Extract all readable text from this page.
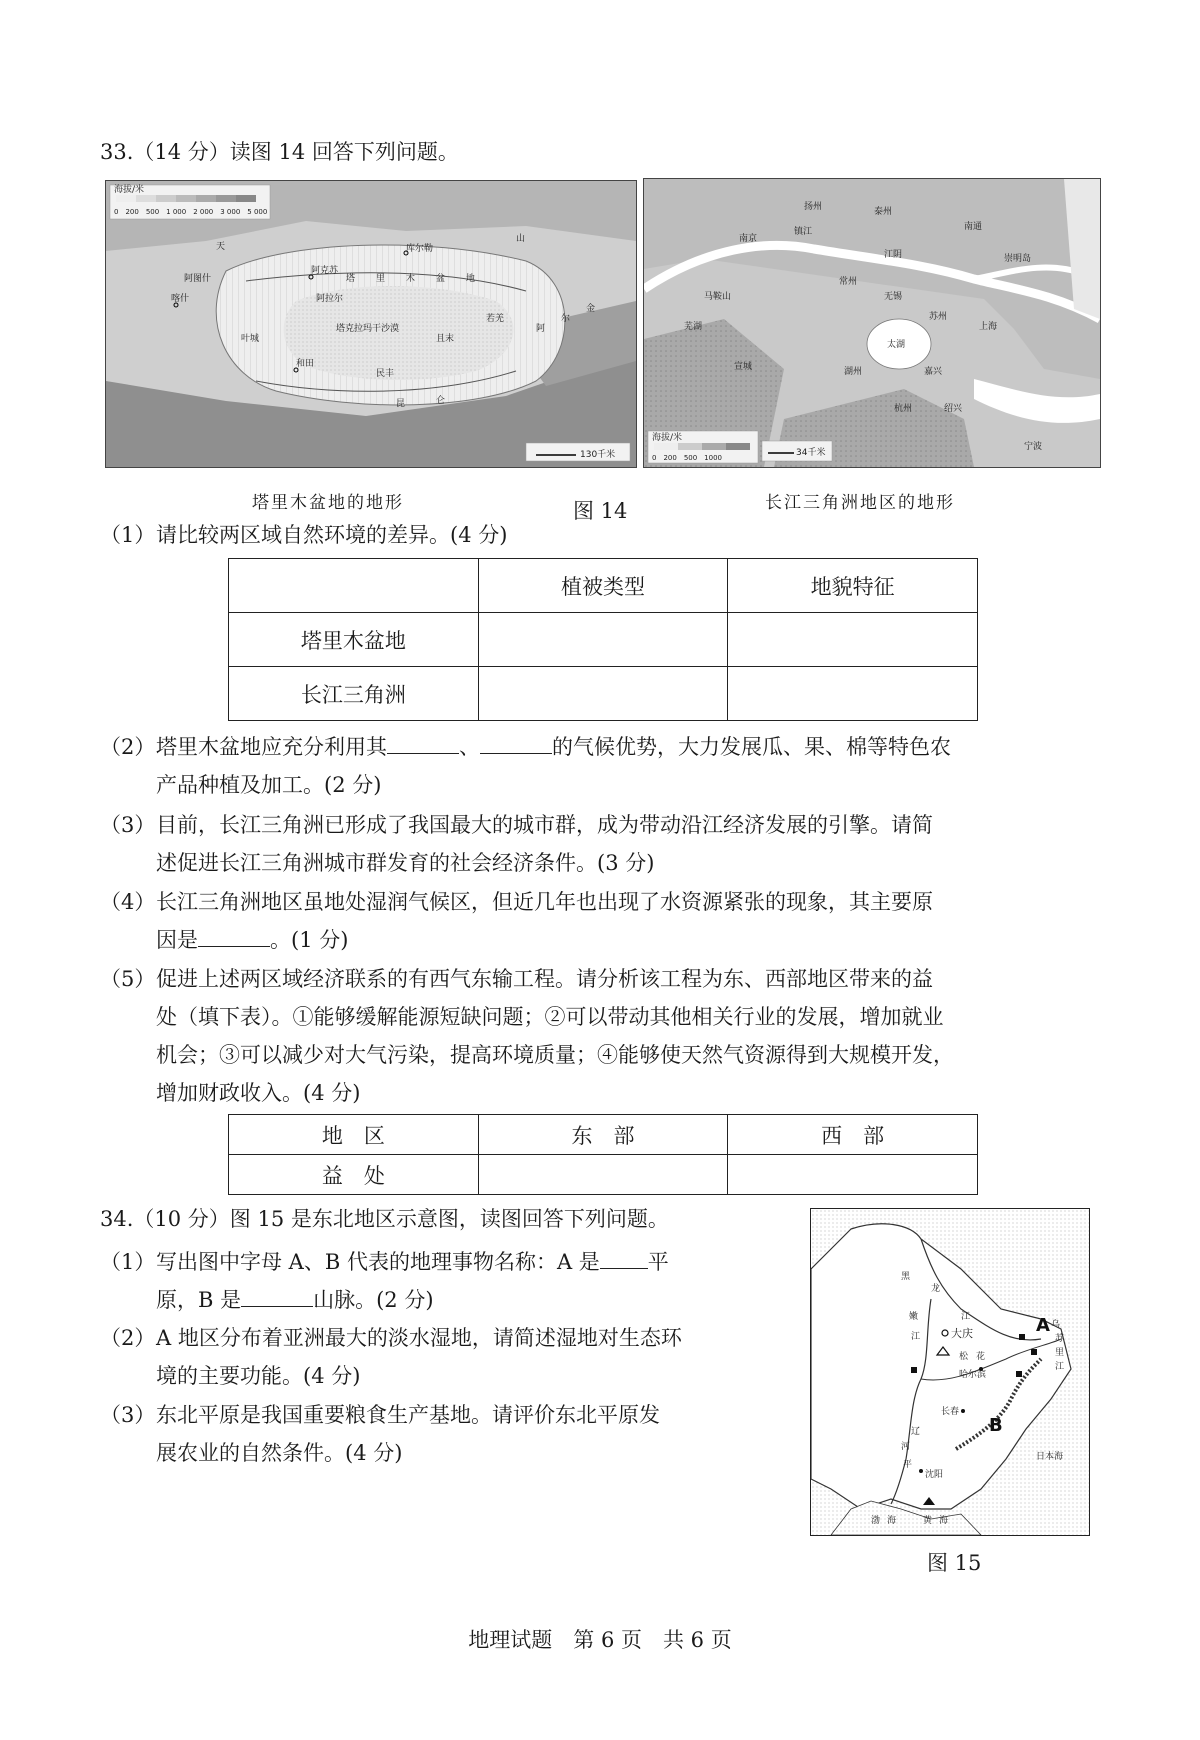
33.（14 分）读图 14 回答下列问题。
海拔/米
0　200　500　1 000　2 000　3 000　5 000
天
山
阿克苏
阿拉尔
库尔勒
塔 里 木 盆 地
塔克拉玛干沙漠
喀什
阿图什
叶城
和田
民丰
且末
若羌
昆	仑
阿
尔
金
130千米
南京
镇江
扬州	泰州
南通
江阴
常州
无锡
苏州
上海
湖州	嘉兴
杭州
宁波
绍兴
马鞍山
芜湖
宣城
太湖
崇明岛
海拔/米
0　200　500　1000	34千米
塔里木盆地的地形	图 14	长江三角洲地区的地形
（1） 请比较两区域自然环境的差异。(4 分)
	植被类型	地貌特征
塔里木盆地		
长江三角洲		
（2） 塔里木盆地应充分利用其	、	的气候优势，大力发展瓜、果、棉等特色农
产品种植及加工。(2 分)
（3） 目前，长江三角洲已形成了我国最大的城市群，成为带动沿江经济发展的引擎。请简
述促进长江三角洲城市群发育的社会经济条件。(3 分)
（4） 长江三角洲地区虽地处湿润气候区，但近几年也出现了水资源紧张的现象，其主要原
因是	。(1 分)
（5） 促进上述两区域经济联系的有西气东输工程。请分析该工程为东、西部地区带来的益
处（填下表）。①能够缓解能源短缺问题；②可以带动其他相关行业的发展，增加就业
机会；③可以减少对大气污染，提高环境质量；④能够使天然气资源得到大规模开发，
增加财政收入。(4 分)
地　区	东　部	西　部
益　处		
34.（10 分）图 15 是东北地区示意图，读图回答下列问题。
（1） 写出图中字母 A、B 代表的地理事物名称：A 是 平
原，B 是	山脉。(2 分)
（2） A 地区分布着亚洲最大的淡水湿地，请简述湿地对生态环
境的主要功能。(4 分)
（3） 东北平原是我国重要粮食生产基地。请评价东北平原发
展农业的自然条件。(4 分)
黑
龙
江
嫩
江	大庆
松 花
哈尔滨
乌
苏
里
江
长春
辽
河
平
沈阳
渤 海	黄 海
日本海
A
B
图 15
地理试题　第 6 页　共 6 页
